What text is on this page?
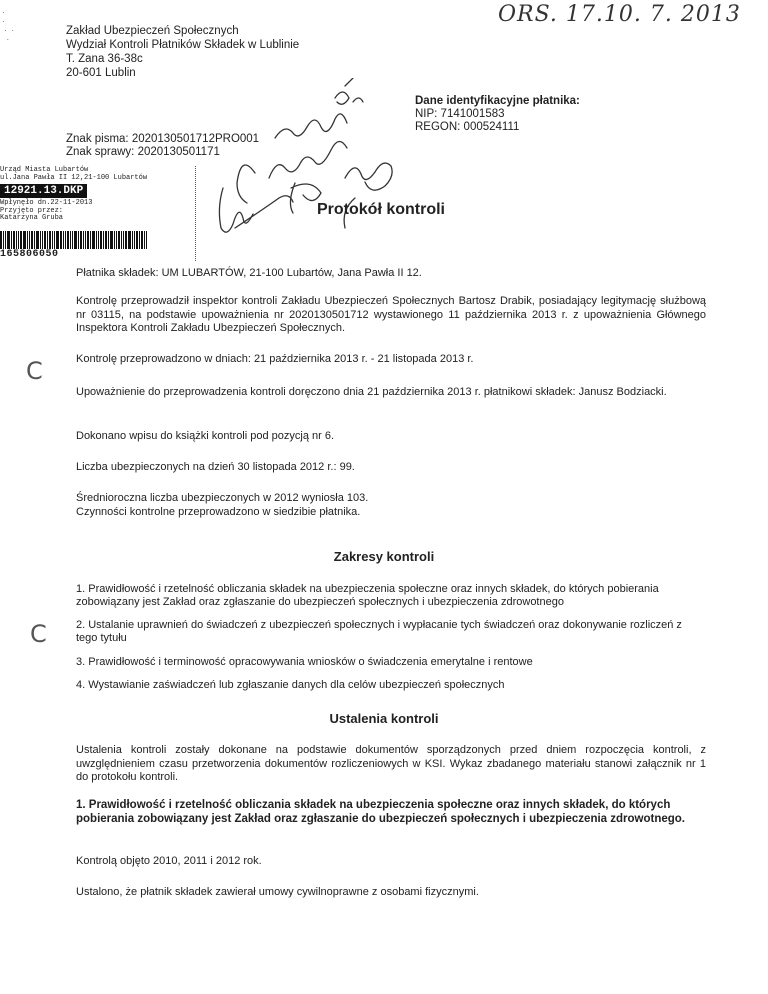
ORS. 17.10. 7. 2013
·
·
·  ·
·
Zakład Ubezpieczeń Społecznych
Wydział Kontroli Płatników Składek w Lublinie
T. Zana 36-38c
20-601 Lublin
Dane identyfikacyjne płatnika:
NIP: 7141001583
REGON: 000524111
Znak pisma: 2020130501712PRO001
Znak sprawy: 2020130501171
Urząd Miasta Lubartów
ul.Jana Pawła II 12,21-100 Lubartów
12921.13.DKP
Wpłynęło dn.22-11-2013
Przyjęto przez:
Katarzyna Gruba
165806050
Protokół kontroli
Płatnika składek: UM LUBARTÓW, 21-100 Lubartów, Jana Pawła II 12.
Kontrolę przeprowadził inspektor kontroli Zakładu Ubezpieczeń Społecznych Bartosz Drabik, posiadający legitymację służbową nr 03115, na podstawie upoważnienia nr 2020130501712 wystawionego 11 października 2013 r. z upoważnienia Głównego Inspektora Kontroli Zakładu Ubezpieczeń Społecznych.
C	Kontrolę przeprowadzono w dniach: 21 października 2013 r. - 21 listopada 2013 r.
Upoważnienie do przeprowadzenia kontroli doręczono dnia 21 października 2013 r. płatnikowi składek: Janusz Bodziacki.
Dokonano wpisu do książki kontroli pod pozycją nr 6.
Liczba ubezpieczonych na dzień 30 listopada 2012 r.: 99.
Średnioroczna liczba ubezpieczonych w 2012 wyniosła 103.
Czynności kontrolne przeprowadzono w siedzibie płatnika.
Zakresy kontroli
1. Prawidłowość i rzetelność obliczania składek na ubezpieczenia społeczne oraz innych składek, do których pobierania zobowiązany jest Zakład oraz zgłaszanie do ubezpieczeń społecznych i ubezpieczenia zdrowotnego
C	2. Ustalanie uprawnień do świadczeń z ubezpieczeń społecznych i wypłacanie tych świadczeń oraz dokonywanie rozliczeń z tego tytułu
3. Prawidłowość i terminowość opracowywania wniosków o świadczenia emerytalne i rentowe
4. Wystawianie zaświadczeń lub zgłaszanie danych dla celów ubezpieczeń społecznych
Ustalenia kontroli
Ustalenia kontroli zostały dokonane na podstawie dokumentów sporządzonych przed dniem rozpoczęcia kontroli, z uwzględnieniem czasu przetworzenia dokumentów rozliczeniowych w KSI. Wykaz zbadanego materiału stanowi załącznik nr 1 do protokołu kontroli.
1. Prawidłowość i rzetelność obliczania składek na ubezpieczenia społeczne oraz innych składek, do których pobierania zobowiązany jest Zakład oraz zgłaszanie do ubezpieczeń społecznych i ubezpieczenia zdrowotnego.
Kontrolą objęto 2010, 2011 i 2012 rok.
Ustalono, że płatnik składek zawierał umowy cywilnoprawne z osobami fizycznymi.
